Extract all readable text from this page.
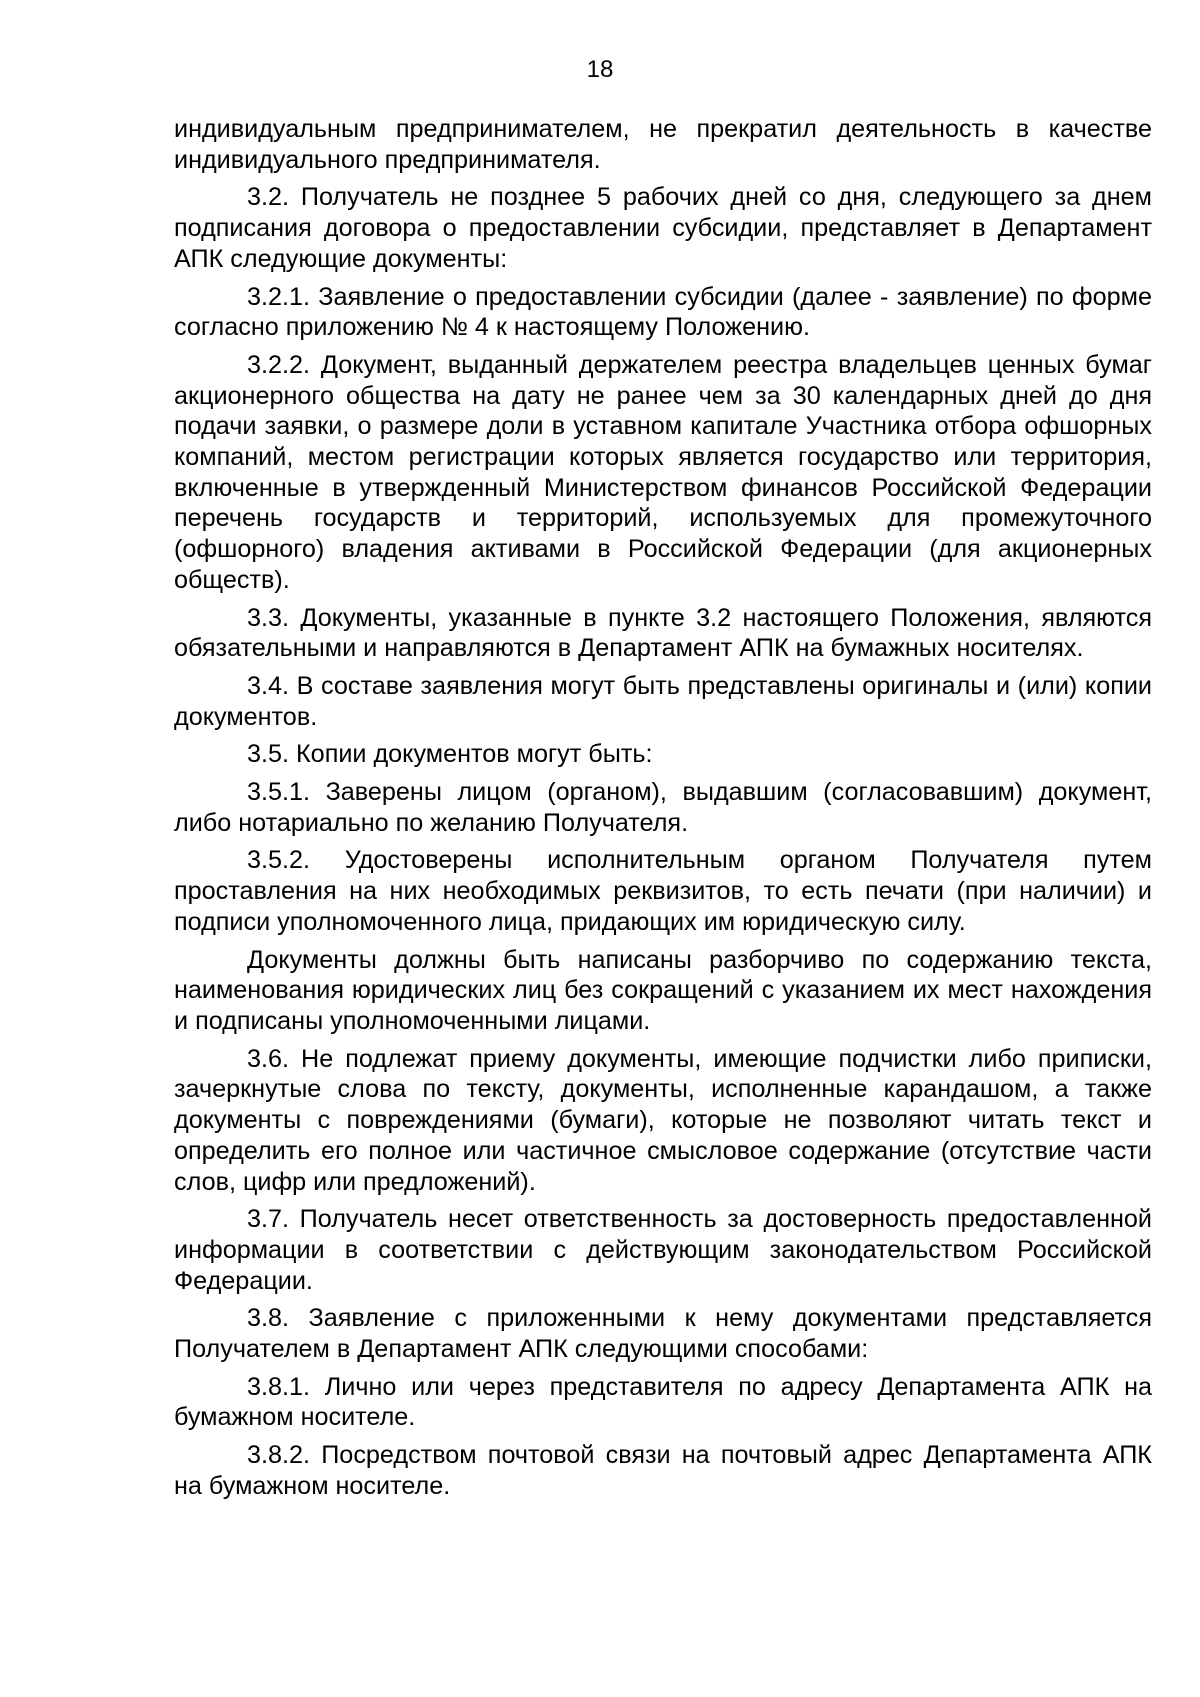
18

индивидуальным предпринимателем, не прекратил деятельность в качестве индивидуального предпринимателя.

3.2. Получатель не позднее 5 рабочих дней со дня, следующего за днем подписания договора о предоставлении субсидии, представляет в Департамент АПК следующие документы:

3.2.1. Заявление о предоставлении субсидии (далее - заявление) по форме согласно приложению № 4 к настоящему Положению.

3.2.2. Документ, выданный держателем реестра владельцев ценных бумаг акционерного общества на дату не ранее чем за 30 календарных дней до дня подачи заявки, о размере доли в уставном капитале Участника отбора офшорных компаний, местом регистрации которых является государство или территория, включенные в утвержденный Министерством финансов Российской Федерации перечень государств и территорий, используемых для промежуточного (офшорного) владения активами в Российской Федерации (для акционерных обществ).

3.3. Документы, указанные в пункте 3.2 настоящего Положения, являются обязательными и направляются в Департамент АПК на бумажных носителях.

3.4. В составе заявления могут быть представлены оригиналы и (или) копии документов.

3.5. Копии документов могут быть:

3.5.1. Заверены лицом (органом), выдавшим (согласовавшим) документ, либо нотариально по желанию Получателя.

3.5.2. Удостоверены исполнительным органом Получателя путем проставления на них необходимых реквизитов, то есть печати (при наличии) и подписи уполномоченного лица, придающих им юридическую силу.

Документы должны быть написаны разборчиво по содержанию текста, наименования юридических лиц без сокращений с указанием их мест нахождения и подписаны уполномоченными лицами.

3.6. Не подлежат приему документы, имеющие подчистки либо приписки, зачеркнутые слова по тексту, документы, исполненные карандашом, а также документы с повреждениями (бумаги), которые не позволяют читать текст и определить его полное или частичное смысловое содержание (отсутствие части слов, цифр или предложений).

3.7. Получатель несет ответственность за достоверность предоставленной информации в соответствии с действующим законодательством Российской Федерации.

3.8. Заявление с приложенными к нему документами представляется Получателем в Департамент АПК следующими способами:

3.8.1. Лично или через представителя по адресу Департамента АПК на бумажном носителе.

3.8.2. Посредством почтовой связи на почтовый адрес Департамента АПК на бумажном носителе.
